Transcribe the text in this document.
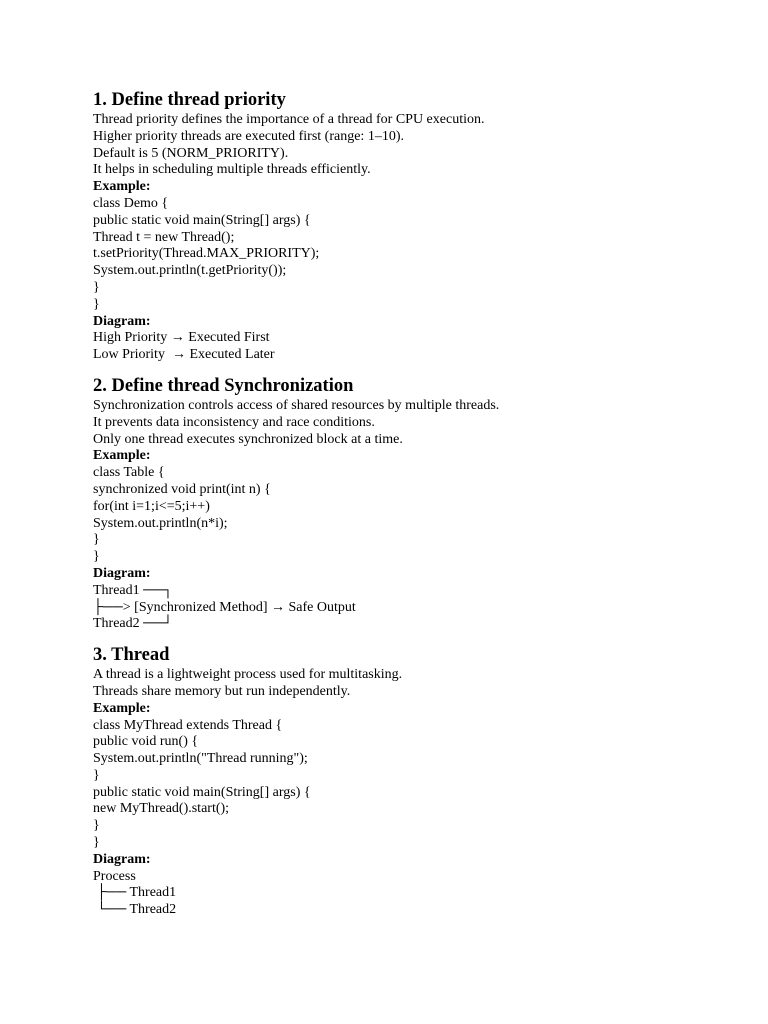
1. Define thread priority
Thread priority defines the importance of a thread for CPU execution.
Higher priority threads are executed first (range: 1–10).
Default is 5 (NORM_PRIORITY).
It helps in scheduling multiple threads efficiently.
Example:
class Demo {
public static void main(String[] args) {
Thread t = new Thread();
t.setPriority(Thread.MAX_PRIORITY);
System.out.println(t.getPriority());
}
}
Diagram:
High Priority → Executed First
Low Priority  → Executed Later
2. Define thread Synchronization
Synchronization controls access of shared resources by multiple threads.
It prevents data inconsistency and race conditions.
Only one thread executes synchronized block at a time.
Example:
class Table {
synchronized void print(int n) {
for(int i=1;i<=5;i++)
System.out.println(n*i);
}
}
Diagram:
Thread1 ──┐
├──> [Synchronized Method] → Safe Output
Thread2 ──┘
3. Thread
A thread is a lightweight process used for multitasking.
Threads share memory but run independently.
Example:
class MyThread extends Thread {
public void run() {
System.out.println("Thread running");
}
public static void main(String[] args) {
new MyThread().start();
}
}
Diagram:
Process
├── Thread1
└── Thread2
